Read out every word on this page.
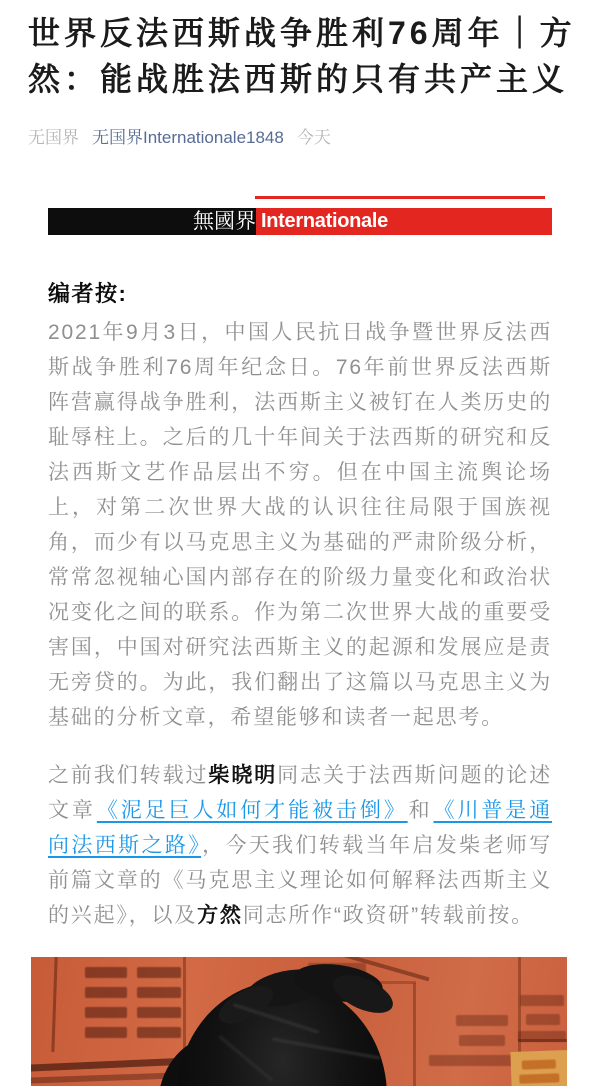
世界反法西斯战争胜利76周年｜方
然：能战胜法西斯的只有共产主义
无国界 无国界Internationale1848 今天
無國界 Internationale
编者按:

2021年9月3日，中国人民抗日战争暨世界反法西斯战争胜利76周年纪念日。76年前世界反法西斯阵营赢得战争胜利，法西斯主义被钉在人类历史的耻辱柱上。之后的几十年间关于法西斯的研究和反法西斯文艺作品层出不穷。但在中国主流舆论场上，对第二次世界大战的认识往往局限于国族视角，而少有以马克思主义为基础的严肃阶级分析，常常忽视轴心国内部存在的阶级力量变化和政治状况变化之间的联系。作为第二次世界大战的重要受害国，中国对研究法西斯主义的起源和发展应是责无旁贷的。为此，我们翻出了这篇以马克思主义为基础的分析文章，希望能够和读者一起思考。

之前我们转载过柴晓明同志关于法西斯问题的论述文章《泥足巨人如何才能被击倒》和《川普是通向法西斯之路》，今天我们转载当年启发柴老师写前篇文章的《马克思主义理论如何解释法西斯主义的兴起》，以及方然同志所作“政资研”转载前按。
